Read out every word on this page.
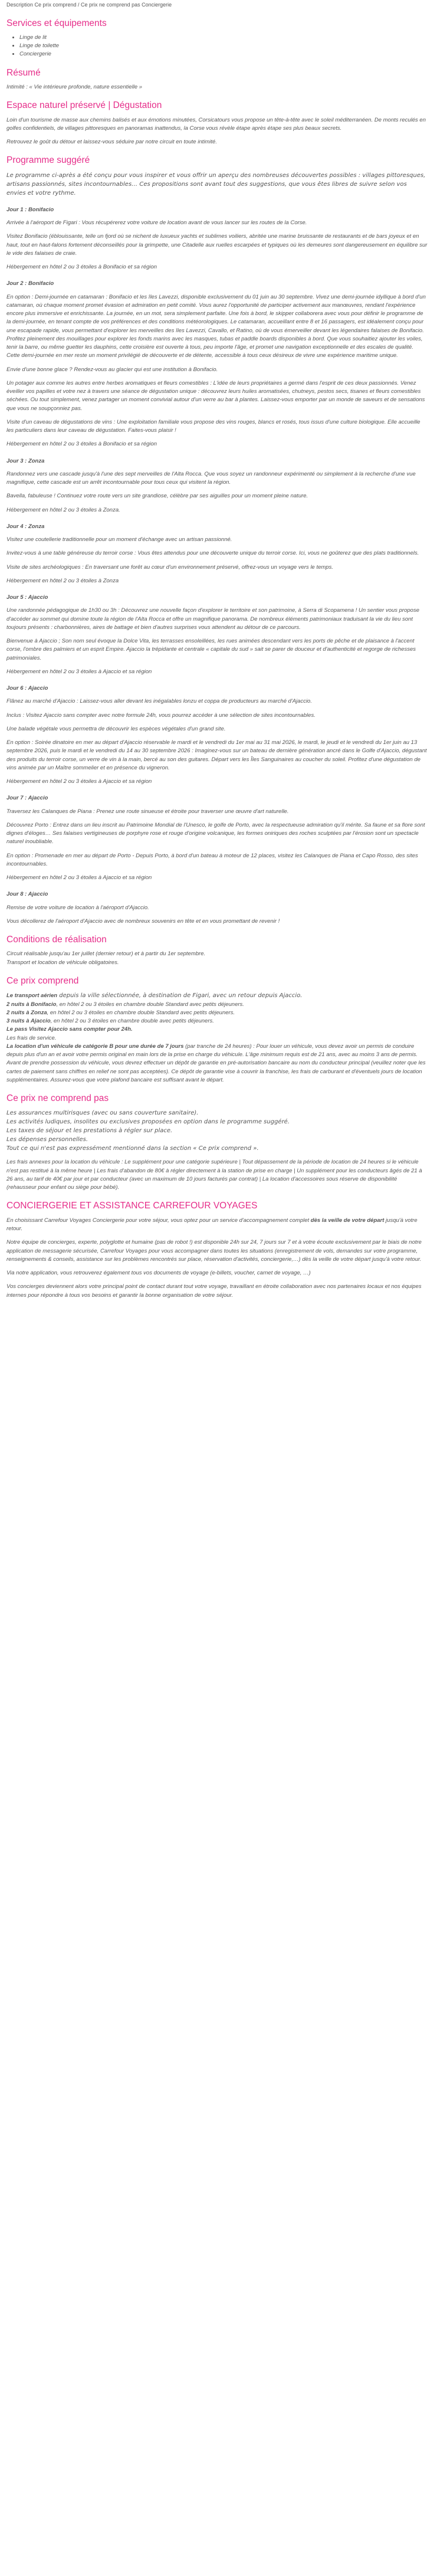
Description Ce prix comprend / Ce prix ne comprend pas Conciergerie
Services et équipements
• Linge de lit
• Linge de toilette
• Conciergerie
Résumé

Intimité : « Vie intérieure profonde, nature essentielle »

Espace naturel préservé | Dégustation

Loin d'un tourisme de masse aux chemins balisés et aux émotions minutées, Corsicatours vous propose un tête-à-tête avec le soleil méditerranéen. De monts reculés en golfes confidentiels, de villages pittoresques en panoramas inattendus, la Corse vous révèle étape après étape ses plus beaux secrets.

Retrouvez le goût du détour et laissez-vous séduire par notre circuit en toute intimité.

Programme suggéré

Le programme ci-après a été conçu pour vous inspirer et vous offrir un aperçu des nombreuses découvertes possibles : villages pittoresques, artisans passionnés, sites incontournables… Ces propositions sont avant tout des suggestions, que vous êtes libres de suivre selon vos envies et votre rythme.

Jour 1 : Bonifacio

Arrivée à l'aéroport de Figari : Vous récupérerez votre voiture de location avant de vous lancer sur les routes de la Corse.

Visitez Bonifacio (éblouissante, telle un fjord où se nichent de luxueux yachts et sublimes voiliers, abritée une marine bruissante de restaurants et de bars joyeux et en haut, tout en haut-falons fortement déconseillés pour la grimpette, une Citadelle aux ruelles escarpées et typiques où les demeures sont dangereusement en équilibre sur le vide des falaises de craie.

Hébergement en hôtel 2 ou 3 étoiles à Bonifacio et sa région

Jour 2 : Bonifacio

En option : Demi-journée en catamaran : Bonifacio et les îles Lavezzi, disponible exclusivement du 01 juin au 30 septembre. Vivez une demi-journée idyllique à bord d'un catamaran, où chaque moment promet évasion et admiration en petit comité. Vous aurez l'opportunité de participer activement aux manœuvres, rendant l'expérience encore plus immersive et enrichissante. La journée, en un mot, sera simplement parfaite. Une fois à bord, le skipper collaborera avec vous pour définir le programme de la demi-journée, en tenant compte de vos préférences et des conditions météorologiques. Le catamaran, accueillant entre 8 et 16 passagers, est idéalement conçu pour une escapade rapide, vous permettant d'explorer les merveilles des îles Lavezzi, Cavallo, et Ratino, où de vous émerveiller devant les légendaires falaises de Bonifacio. Profitez pleinement des mouillages pour explorer les fonds marins avec les masques, tubas et paddle boards disponibles à bord. Que vous souhaitiez ajouter les voiles, tenir la barre, ou même guetter les dauphins, cette croisière est ouverte à tous, peu importe l'âge, et promet une navigation exceptionnelle et des escales de qualité. Cette demi-journée en mer reste un moment privilégié de découverte et de détente, accessible à tous ceux désireux de vivre une expérience maritime unique.

Envie d'une bonne glace ? Rendez-vous au glacier qui est une institution à Bonifacio.

Un potager aux comme les autres entre herbes aromatiques et fleurs comestibles : L'idée de leurs propriétaires a germé dans l'esprit de ces deux passionnés. Venez éveiller vos papilles et votre nez à travers une séance de dégustation unique : découvrez leurs huiles aromatisées, chutneys, pestos secs, tisanes et fleurs comestibles séchées. Ou tout simplement, venez partager un moment convivial autour d'un verre au bar à plantes. Laissez-vous emporter par un monde de saveurs et de sensations que vous ne soupçonniez pas.

Visite d'un caveau de dégustations de vins : Une exploitation familiale vous propose des vins rouges, blancs et rosés, tous issus d'une culture biologique. Elle accueille les particuliers dans leur caveau de dégustation. Faites-vous plaisir !

Hébergement en hôtel 2 ou 3 étoiles à Bonifacio et sa région

Jour 3 : Zonza

Randonnez vers une cascade jusqu'à l'une des sept merveilles de l'Alta Rocca. Que vous soyez un randonneur expérimenté ou simplement à la recherche d'une vue magnifique, cette cascade est un arrêt incontournable pour tous ceux qui visitent la région.

Bavella, fabuleuse ! Continuez votre route vers un site grandiose, célèbre par ses aiguilles pour un moment pleine nature.

Hébergement en hôtel 2 ou 3 étoiles à Zonza.

Jour 4 : Zonza

Visitez une coutellerie traditionnelle pour un moment d'échange avec un artisan passionné.

Invitez-vous à une table généreuse du terroir corse : Vous êtes attendus pour une découverte unique du terroir corse. Ici, vous ne goûterez que des plats traditionnels.

Visite de sites archéologiques : En traversant une forêt au cœur d'un environnement préservé, offrez-vous un voyage vers le temps.

Hébergement en hôtel 2 ou 3 étoiles à Zonza

Jour 5 : Ajaccio

Une randonnée pédagogique de 1h30 ou 3h : Découvrez une nouvelle façon d'explorer le territoire et son patrimoine, à Serra di Scopamena ! Un sentier vous propose d'accéder au sommet qui domine toute la région de l'Alta Rocca et offre un magnifique panorama. De nombreux éléments patrimoniaux traduisant la vie du lieu sont toujours présents : charbonnières, aires de battage et bien d'autres surprises vous attendent au détour de ce parcours.

Bienvenue à Ajaccio ; Son nom seul évoque la Dolce Vita, les terrasses ensoleillées, les rues animées descendant vers les ports de pêche et de plaisance à l'accent corse, l'ombre des palmiers et un esprit Empire. Ajaccio la trépidante et centrale « capitale du sud » sait se parer de douceur et d'authenticité et regorge de richesses patrimoniales.

Hébergement en hôtel 2 ou 3 étoiles à Ajaccio et sa région

Jour 6 : Ajaccio

Flânez au marché d'Ajaccio : Laissez-vous aller devant les inégalables lonzu et coppa de producteurs au marché d'Ajaccio.

Inclus : Visitez Ajaccio sans compter avec notre formule 24h, vous pourrez accéder à une sélection de sites incontournables.

Une balade végétale vous permettra de découvrir les espèces végétales d'un grand site.

En option : Soirée dinatoire en mer au départ d'Ajaccio réservable le mardi et le vendredi du 1er mai au 31 mai 2026, le mardi, le jeudi et le vendredi du 1er juin au 13 septembre 2026, puis le mardi et le vendredi du 14 au 30 septembre 2026 : Imaginez-vous sur un bateau de dernière génération ancré dans le Golfe d'Ajaccio, dégustant des produits du terroir corse, un verre de vin à la main, bercé au son des guitares. Départ vers les Îles Sanguinaires au coucher du soleil. Profitez d'une dégustation de vins animée par un Maître sommelier et en présence du vigneron.

Hébergement en hôtel 2 ou 3 étoiles à Ajaccio et sa région

Jour 7 : Ajaccio

Traversez les Calanques de Piana : Prenez une route sinueuse et étroite pour traverser une œuvre d'art naturelle.

Découvrez Porto : Entrez dans un lieu inscrit au Patrimoine Mondial de l'Unesco, le golfe de Porto, avec la respectueuse admiration qu'il mérite. Sa faune et sa flore sont dignes d'éloges… Ses falaises vertigineuses de porphyre rose et rouge d'origine volcanique, les formes oniriques des roches sculptées par l'érosion sont un spectacle naturel inoubliable.

En option : Promenade en mer au départ de Porto - Depuis Porto, à bord d'un bateau à moteur de 12 places, visitez les Calanques de Piana et Capo Rosso, des sites incontournables.

Hébergement en hôtel 2 ou 3 étoiles à Ajaccio et sa région

Jour 8 : Ajaccio

Remise de votre voiture de location à l'aéroport d'Ajaccio.

Vous décollerez de l'aéroport d'Ajaccio avec de nombreux souvenirs en tête et en vous promettant de revenir !

Conditions de réalisation

Circuit réalisable jusqu'au 1er juillet (dernier retour) et à partir du 1er septembre.
Transport et location de véhicule obligatoires.

Ce prix comprend

Le transport aérien depuis la ville sélectionnée, à destination de Figari, avec un retour depuis Ajaccio.
2 nuits à Bonifacio, en hôtel 2 ou 3 étoiles en chambre double Standard avec petits déjeuners.
2 nuits à Zonza, en hôtel 2 ou 3 étoiles en chambre double Standard avec petits déjeuners.
3 nuits à Ajaccio, en hôtel 2 ou 3 étoiles en chambre double avec petits déjeuners.
Le pass Visitez Ajaccio sans compter pour 24h.
Les frais de service.
La location d'un véhicule de catégorie B pour une durée de 7 jours (par tranche de 24 heures) : Pour louer un véhicule, vous devez avoir un permis de conduire depuis plus d'un an et avoir votre permis original en main lors de la prise en charge du véhicule. L'âge minimum requis est de 21 ans, avec au moins 3 ans de permis. Avant de prendre possession du véhicule, vous devrez effectuer un dépôt de garantie en pré-autorisation bancaire au nom du conducteur principal (veuillez noter que les cartes de paiement sans chiffres en relief ne sont pas acceptées). Ce dépôt de garantie vise à couvrir la franchise, les frais de carburant et d'éventuels jours de location supplémentaires. Assurez-vous que votre plafond bancaire est suffisant avant le départ.

Ce prix ne comprend pas

Les assurances multirisques (avec ou sans couverture sanitaire).
Les activités ludiques, insolites ou exclusives proposées en option dans le programme suggéré.
Les taxes de séjour et les prestations à régler sur place.
Les dépenses personnelles.
Tout ce qui n'est pas expressément mentionné dans la section « Ce prix comprend ».

Les frais annexes pour la location du véhicule : Le supplément pour une catégorie supérieure | Tout dépassement de la période de location de 24 heures si le véhicule n'est pas restitué à la même heure | Les frais d'abandon de 80€ à régler directement à la station de prise en charge | Un supplément pour les conducteurs âgés de 21 à 26 ans, au tarif de 40€ par jour et par conducteur (avec un maximum de 10 jours facturés par contrat) | La location d'accessoires sous réserve de disponibilité (rehausseur pour enfant ou siège pour bébé).

CONCIERGERIE ET ASSISTANCE CARREFOUR VOYAGES

En choisissant Carrefour Voyages Conciergerie pour votre séjour, vous optez pour un service d'accompagnement complet dès la veille de votre départ jusqu'à votre retour.

Notre équipe de concierges, experte, polyglotte et humaine (pas de robot !) est disponible 24h sur 24, 7 jours sur 7 et à votre écoute exclusivement par le biais de notre application de messagerie sécurisée, Carrefour Voyages pour vous accompagner dans toutes les situations (enregistrement de vols, demandes sur votre programme, renseignements & conseils, assistance sur les problèmes rencontrés sur place, réservation d'activités, conciergerie,…) dès la veille de votre départ jusqu'à votre retour.

Via notre application, vous retrouverez également tous vos documents de voyage (e-billets, voucher, carnet de voyage, …)

Vos concierges deviennent alors votre principal point de contact durant tout votre voyage, travaillant en étroite collaboration avec nos partenaires locaux et nos équipes internes pour répondre à tous vos besoins et garantir la bonne organisation de votre séjour.
